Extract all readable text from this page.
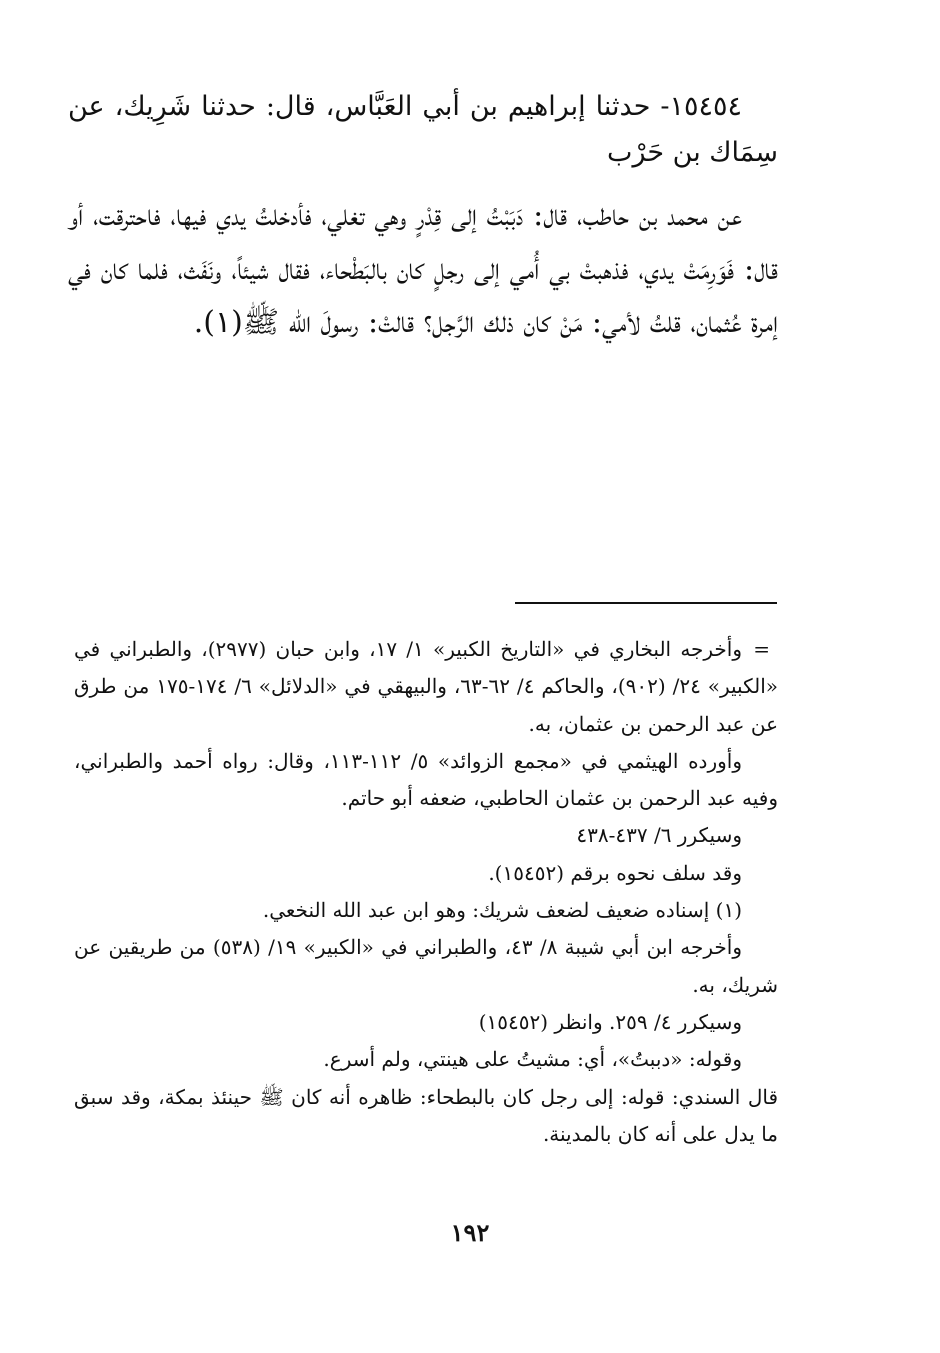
١٥٤٥٤- حدثنا إبراهيم بن أبي العَبَّاس، قال: حدثنا شَرِيك، عن سِمَاك بن حَرْب

عن محمد بن حاطب، قال: دَبَبْتُ إلى قِدْرٍ وهي تغلي، فأدخلتُ يدي فيها، فاحترقت، أو قال: فَوَرِمَتْ يدي، فذهبتْ بي أُمي إلى رجلٍ كان بالبَطْحاء، فقال شيئاً، ونَفَث، فلما كان في إمرة عُثمان، قلتُ لأمي: مَنْ كان ذلك الرَّجل؟ قالتْ: رسولَ الله ﷺ(١).

=
وأخرجه البخاري في «التاريخ الكبير» ١/ ١٧، وابن حبان (٢٩٧٧)، والطبراني في «الكبير» ٢٤/ (٩٠٢)، والحاكم ٤/ ٦٢-٦٣، والبيهقي في «الدلائل» ٦/ ١٧٤-١٧٥ من طرق عن عبد الرحمن بن عثمان، به.

وأورده الهيثمي في «مجمع الزوائد» ٥/ ١١٢-١١٣، وقال: رواه أحمد والطبراني، وفيه عبد الرحمن بن عثمان الحاطبي، ضعفه أبو حاتم.

وسيكرر ٦/ ٤٣٧-٤٣٨

وقد سلف نحوه برقم (١٥٤٥٢).

(١) إسناده ضعيف لضعف شريك: وهو ابن عبد الله النخعي.

وأخرجه ابن أبي شيبة ٨/ ٤٣، والطبراني في «الكبير» ١٩/ (٥٣٨) من طريقين عن شريك، به.

وسيكرر ٤/ ٢٥٩. وانظر (١٥٤٥٢)

وقوله: «دببتُ»، أي: مشيتُ على هينتي، ولم أسرع.

قال السندي: قوله: إلى رجل كان بالبطحاء: ظاهره أنه كان ﷺ حينئذ بمكة، وقد سبق ما يدل على أنه كان بالمدينة.

١٩٢
